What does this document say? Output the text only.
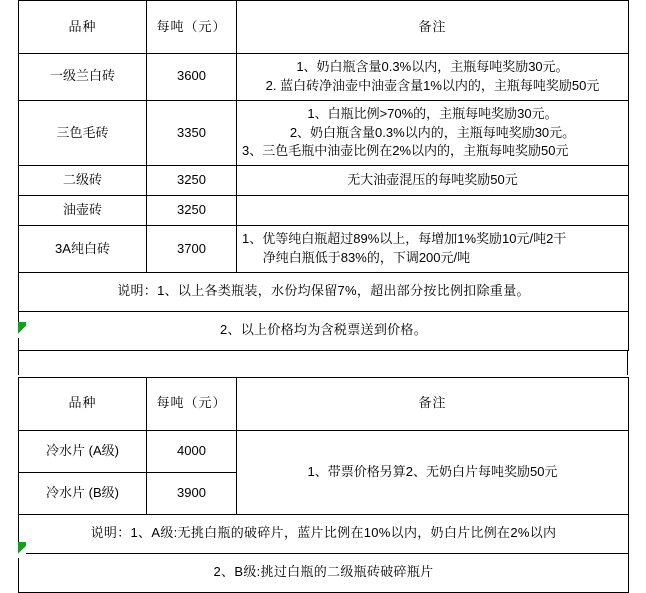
品种	每吨（元）	备注
一级兰白砖	3600	1、奶白瓶含量0.3%以内，主瓶每吨奖励30元。
2. 蓝白砖净油壶中油壶含量1%以内的，主瓶每吨奖励50元

三色毛砖	3350	1、白瓶比例>70%的，主瓶每吨奖励30元。
2、奶白瓶含量0.3%以内的，主瓶每吨奖励30元。
3、三色毛瓶中油壶比例在2%以内的，主瓶每吨奖励50元

二级砖	3250	无大油壶混压的每吨奖励50元
油壶砖	3250	
3A纯白砖	3700	1、优等纯白瓶超过89%以上，每增加1%奖励10元/吨2干
净纯白瓶低于83%的，下调200元/吨

说明：1、以上各类瓶装，水份均保留7%，超出部分按比例扣除重量。		
2、以上价格均为含税票送到价格。		
品种	每吨（元）	备注
冷水片 (A级)	4000	1、带票价格另算2、无奶白片每吨奖励50元
冷水片 (B级)	3900	
说明：1、A级:无挑白瓶的破碎片，蓝片比例在10%以内，奶白片比例在2%以内		
2、B级:挑过白瓶的二级瓶砖破碎瓶片		
